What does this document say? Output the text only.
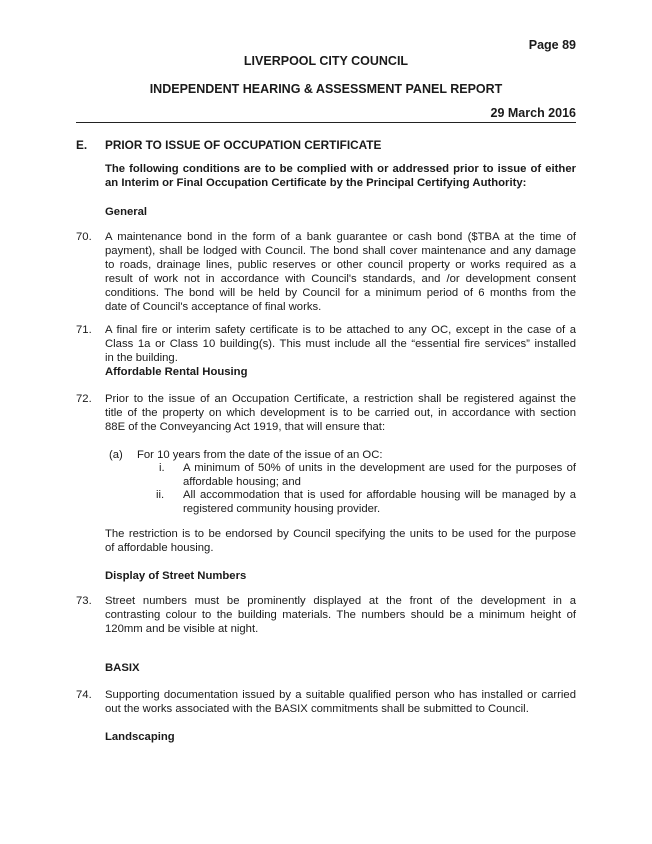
Page 89
LIVERPOOL CITY COUNCIL
INDEPENDENT HEARING & ASSESSMENT PANEL REPORT
29 March 2016
E. PRIOR TO ISSUE OF OCCUPATION CERTIFICATE
The following conditions are to be complied with or addressed prior to issue of either
an Interim or Final Occupation Certificate by the Principal Certifying Authority:
General
70. A maintenance bond in the form of a bank guarantee or cash bond ($TBA at the time of
payment), shall be lodged with Council. The bond shall cover maintenance and any damage
to roads, drainage lines, public reserves or other council property or works required as a
result of work not in accordance with Council's standards, and /or development consent
conditions. The bond will be held by Council for a minimum period of 6 months from the
date of Council's acceptance of final works.
71. A final fire or interim safety certificate is to be attached to any OC, except in the case of a
Class 1a or Class 10 building(s). This must include all the “essential fire services” installed
in the building.
Affordable Rental Housing
72. Prior to the issue of an Occupation Certificate, a restriction shall be registered against the
title of the property on which development is to be carried out, in accordance with section
88E of the Conveyancing Act 1919, that will ensure that:
(a) For 10 years from the date of the issue of an OC:
i. A minimum of 50% of units in the development are used for the purposes of
affordable housing; and
ii. All accommodation that is used for affordable housing will be managed by a
registered community housing provider.
The restriction is to be endorsed by Council specifying the units to be used for the purpose
of affordable housing.
Display of Street Numbers
73. Street numbers must be prominently displayed at the front of the development in a
contrasting colour to the building materials. The numbers should be a minimum height of
120mm and be visible at night.
BASIX
74. Supporting documentation issued by a suitable qualified person who has installed or carried
out the works associated with the BASIX commitments shall be submitted to Council.
Landscaping
